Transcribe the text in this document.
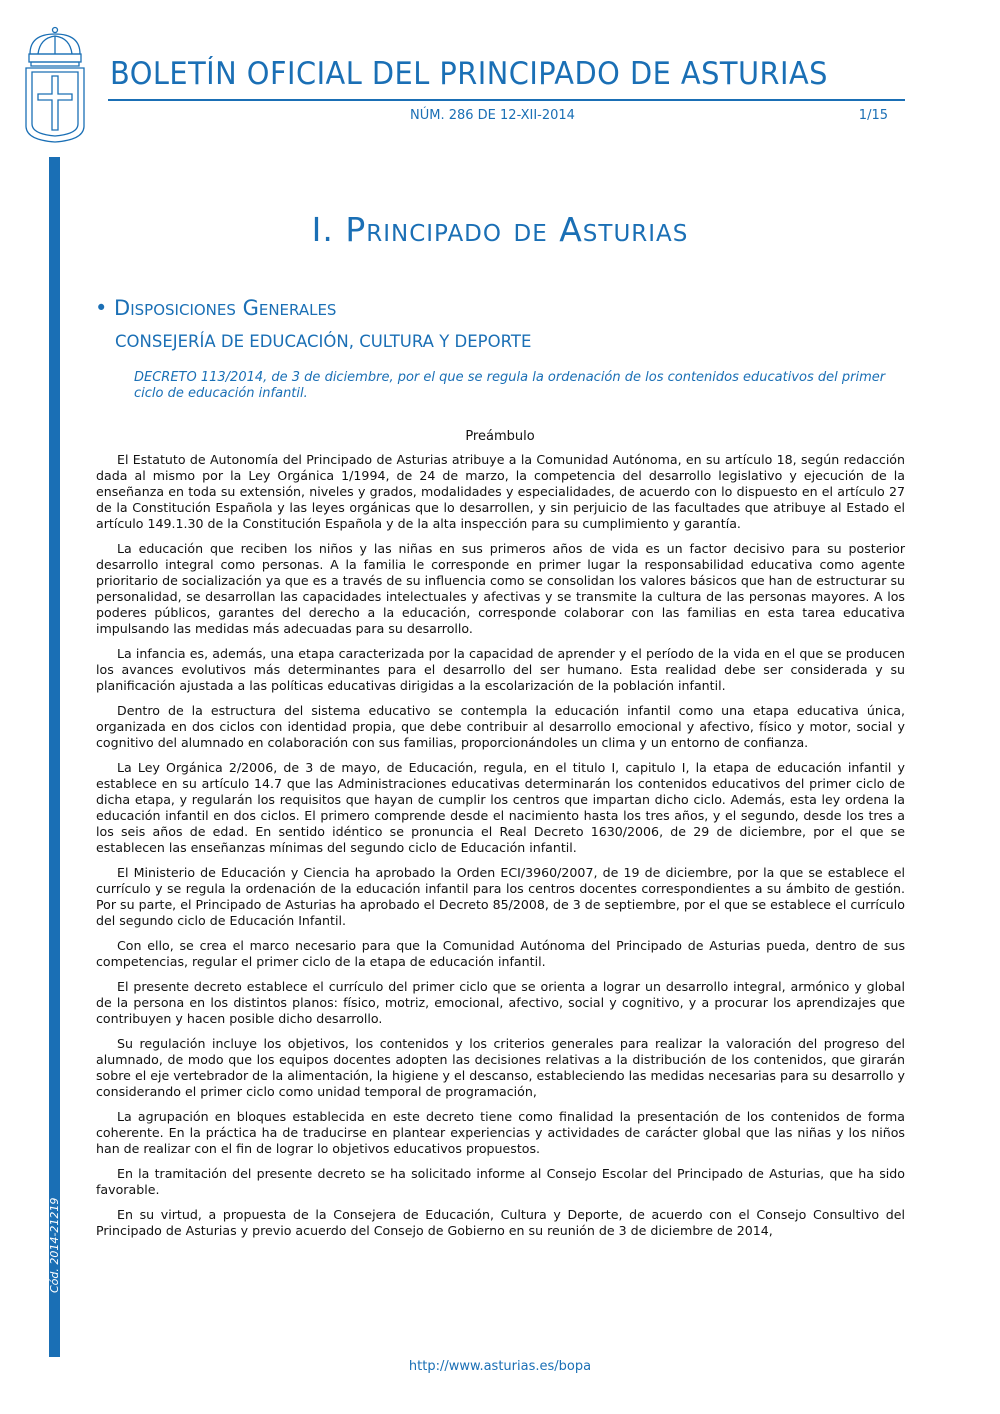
BOLETÍN OFICIAL DEL PRINCIPADO DE ASTURIAS
NÚM. 286 DE 12-XII-2014	1/15
Cód. 2014-21219
I. Principado de Asturias
• Disposiciones Generales
CONSEJERÍA DE EDUCACIÓN, CULTURA Y DEPORTE
DECRETO 113/2014, de 3 de diciembre, por el que se regula la ordenación de los contenidos educativos del primer ciclo de educación infantil.
Preámbulo

El Estatuto de Autonomía del Principado de Asturias atribuye a la Comunidad Autónoma, en su artículo 18, según redacción dada al mismo por la Ley Orgánica 1/1994, de 24 de marzo, la competencia del desarrollo legislativo y ejecución de la enseñanza en toda su extensión, niveles y grados, modalidades y especialidades, de acuerdo con lo dispuesto en el artículo 27 de la Constitución Española y las leyes orgánicas que lo desarrollen, y sin perjuicio de las facultades que atribuye al Estado el artículo 149.1.30 de la Constitución Española y de la alta inspección para su cumplimiento y garantía.

La educación que reciben los niños y las niñas en sus primeros años de vida es un factor decisivo para su posterior desarrollo integral como personas. A la familia le corresponde en primer lugar la responsabilidad educativa como agente prioritario de socialización ya que es a través de su influencia como se consolidan los valores básicos que han de estructurar su personalidad, se desarrollan las capacidades intelectuales y afectivas y se transmite la cultura de las personas mayores. A los poderes públicos, garantes del derecho a la educación, corresponde colaborar con las familias en esta tarea educativa impulsando las medidas más adecuadas para su desarrollo.

La infancia es, además, una etapa caracterizada por la capacidad de aprender y el período de la vida en el que se producen los avances evolutivos más determinantes para el desarrollo del ser humano. Esta realidad debe ser considerada y su planificación ajustada a las políticas educativas dirigidas a la escolarización de la población infantil.

Dentro de la estructura del sistema educativo se contempla la educación infantil como una etapa educativa única, organizada en dos ciclos con identidad propia, que debe contribuir al desarrollo emocional y afectivo, físico y motor, social y cognitivo del alumnado en colaboración con sus familias, proporcionándoles un clima y un entorno de confianza.

La Ley Orgánica 2/2006, de 3 de mayo, de Educación, regula, en el titulo I, capitulo I, la etapa de educación infantil y establece en su artículo 14.7 que las Administraciones educativas determinarán los contenidos educativos del primer ciclo de dicha etapa, y regularán los requisitos que hayan de cumplir los centros que impartan dicho ciclo. Además, esta ley ordena la educación infantil en dos ciclos. El primero comprende desde el nacimiento hasta los tres años, y el segundo, desde los tres a los seis años de edad. En sentido idéntico se pronuncia el Real Decreto 1630/2006, de 29 de diciembre, por el que se establecen las enseñanzas mínimas del segundo ciclo de Educación infantil.

El Ministerio de Educación y Ciencia ha aprobado la Orden ECI/3960/2007, de 19 de diciembre, por la que se establece el currículo y se regula la ordenación de la educación infantil para los centros docentes correspondientes a su ámbito de gestión. Por su parte, el Principado de Asturias ha aprobado el Decreto 85/2008, de 3 de septiembre, por el que se establece el currículo del segundo ciclo de Educación Infantil.

Con ello, se crea el marco necesario para que la Comunidad Autónoma del Principado de Asturias pueda, dentro de sus competencias, regular el primer ciclo de la etapa de educación infantil.

El presente decreto establece el currículo del primer ciclo que se orienta a lograr un desarrollo integral, armónico y global de la persona en los distintos planos: físico, motriz, emocional, afectivo, social y cognitivo, y a procurar los aprendizajes que contribuyen y hacen posible dicho desarrollo.

Su regulación incluye los objetivos, los contenidos y los criterios generales para realizar la valoración del progreso del alumnado, de modo que los equipos docentes adopten las decisiones relativas a la distribución de los contenidos, que girarán sobre el eje vertebrador de la alimentación, la higiene y el descanso, estableciendo las medidas necesarias para su desarrollo y considerando el primer ciclo como unidad temporal de programación,

La agrupación en bloques establecida en este decreto tiene como finalidad la presentación de los contenidos de forma coherente. En la práctica ha de traducirse en plantear experiencias y actividades de carácter global que las niñas y los niños han de realizar con el fin de lograr lo objetivos educativos propuestos.

En la tramitación del presente decreto se ha solicitado informe al Consejo Escolar del Principado de Asturias, que ha sido favorable.

En su virtud, a propuesta de la Consejera de Educación, Cultura y Deporte, de acuerdo con el Consejo Consultivo del Principado de Asturias y previo acuerdo del Consejo de Gobierno en su reunión de 3 de diciembre de 2014,

http://www.asturias.es/bopa
